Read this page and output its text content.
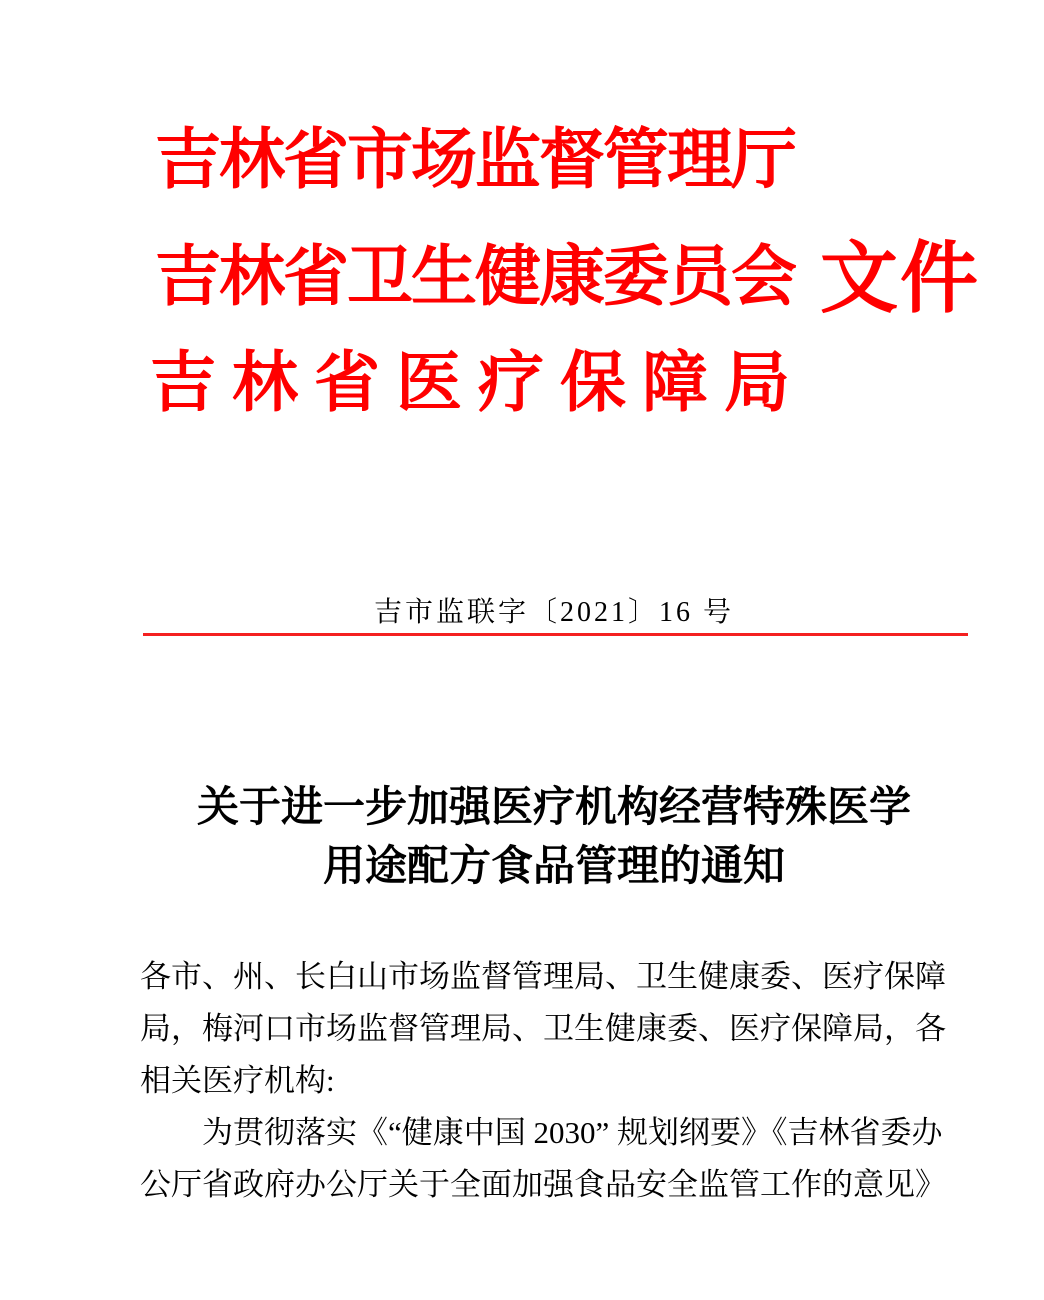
吉林省市场监督管理厅
吉林省卫生健康委员会 文件
吉林省医疗保障局
吉市监联字〔2021〕16 号
关于进一步加强医疗机构经营特殊医学
用途配方食品管理的通知
各市、州、长白山市场监督管理局、卫生健康委、医疗保障
局，梅河口市场监督管理局、卫生健康委、医疗保障局，各
相关医疗机构:
为贯彻落实《“健康中国 2030” 规划纲要》《吉林省委办
公厅省政府办公厅关于全面加强食品安全监管工作的意见》
